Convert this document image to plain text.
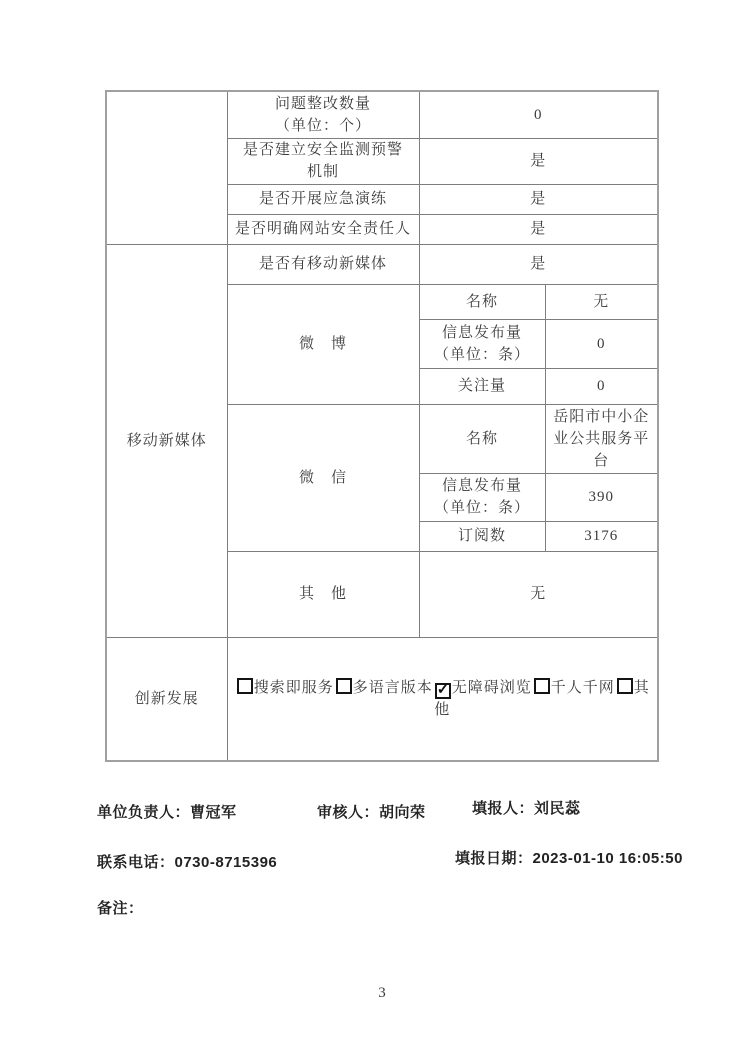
	问题整改数量
（单位：个）	0	

	是否建立安全监测预警
机制	是	
	是否开展应急演练	是	
	是否明确网站安全责任人	是	
移动新媒体	是否有移动新媒体	是	
	微　博	名称	无

		信息发布量
（单位：条）	0
		关注量	0
	微　信	名称	岳阳市中小企业公共服务平台

		信息发布量
（单位：条）	390
		订阅数	3176
	其　他	无	
创新发展	搜索即服务 多语言版本 ✓无障碍浏览 千人千网 其他		
单位负责人：曹冠军	审核人：胡向荣	填报人：刘民蕊
联系电话：0730-8715396	填报日期：2023-01-10 16:05:50
备注：
3
